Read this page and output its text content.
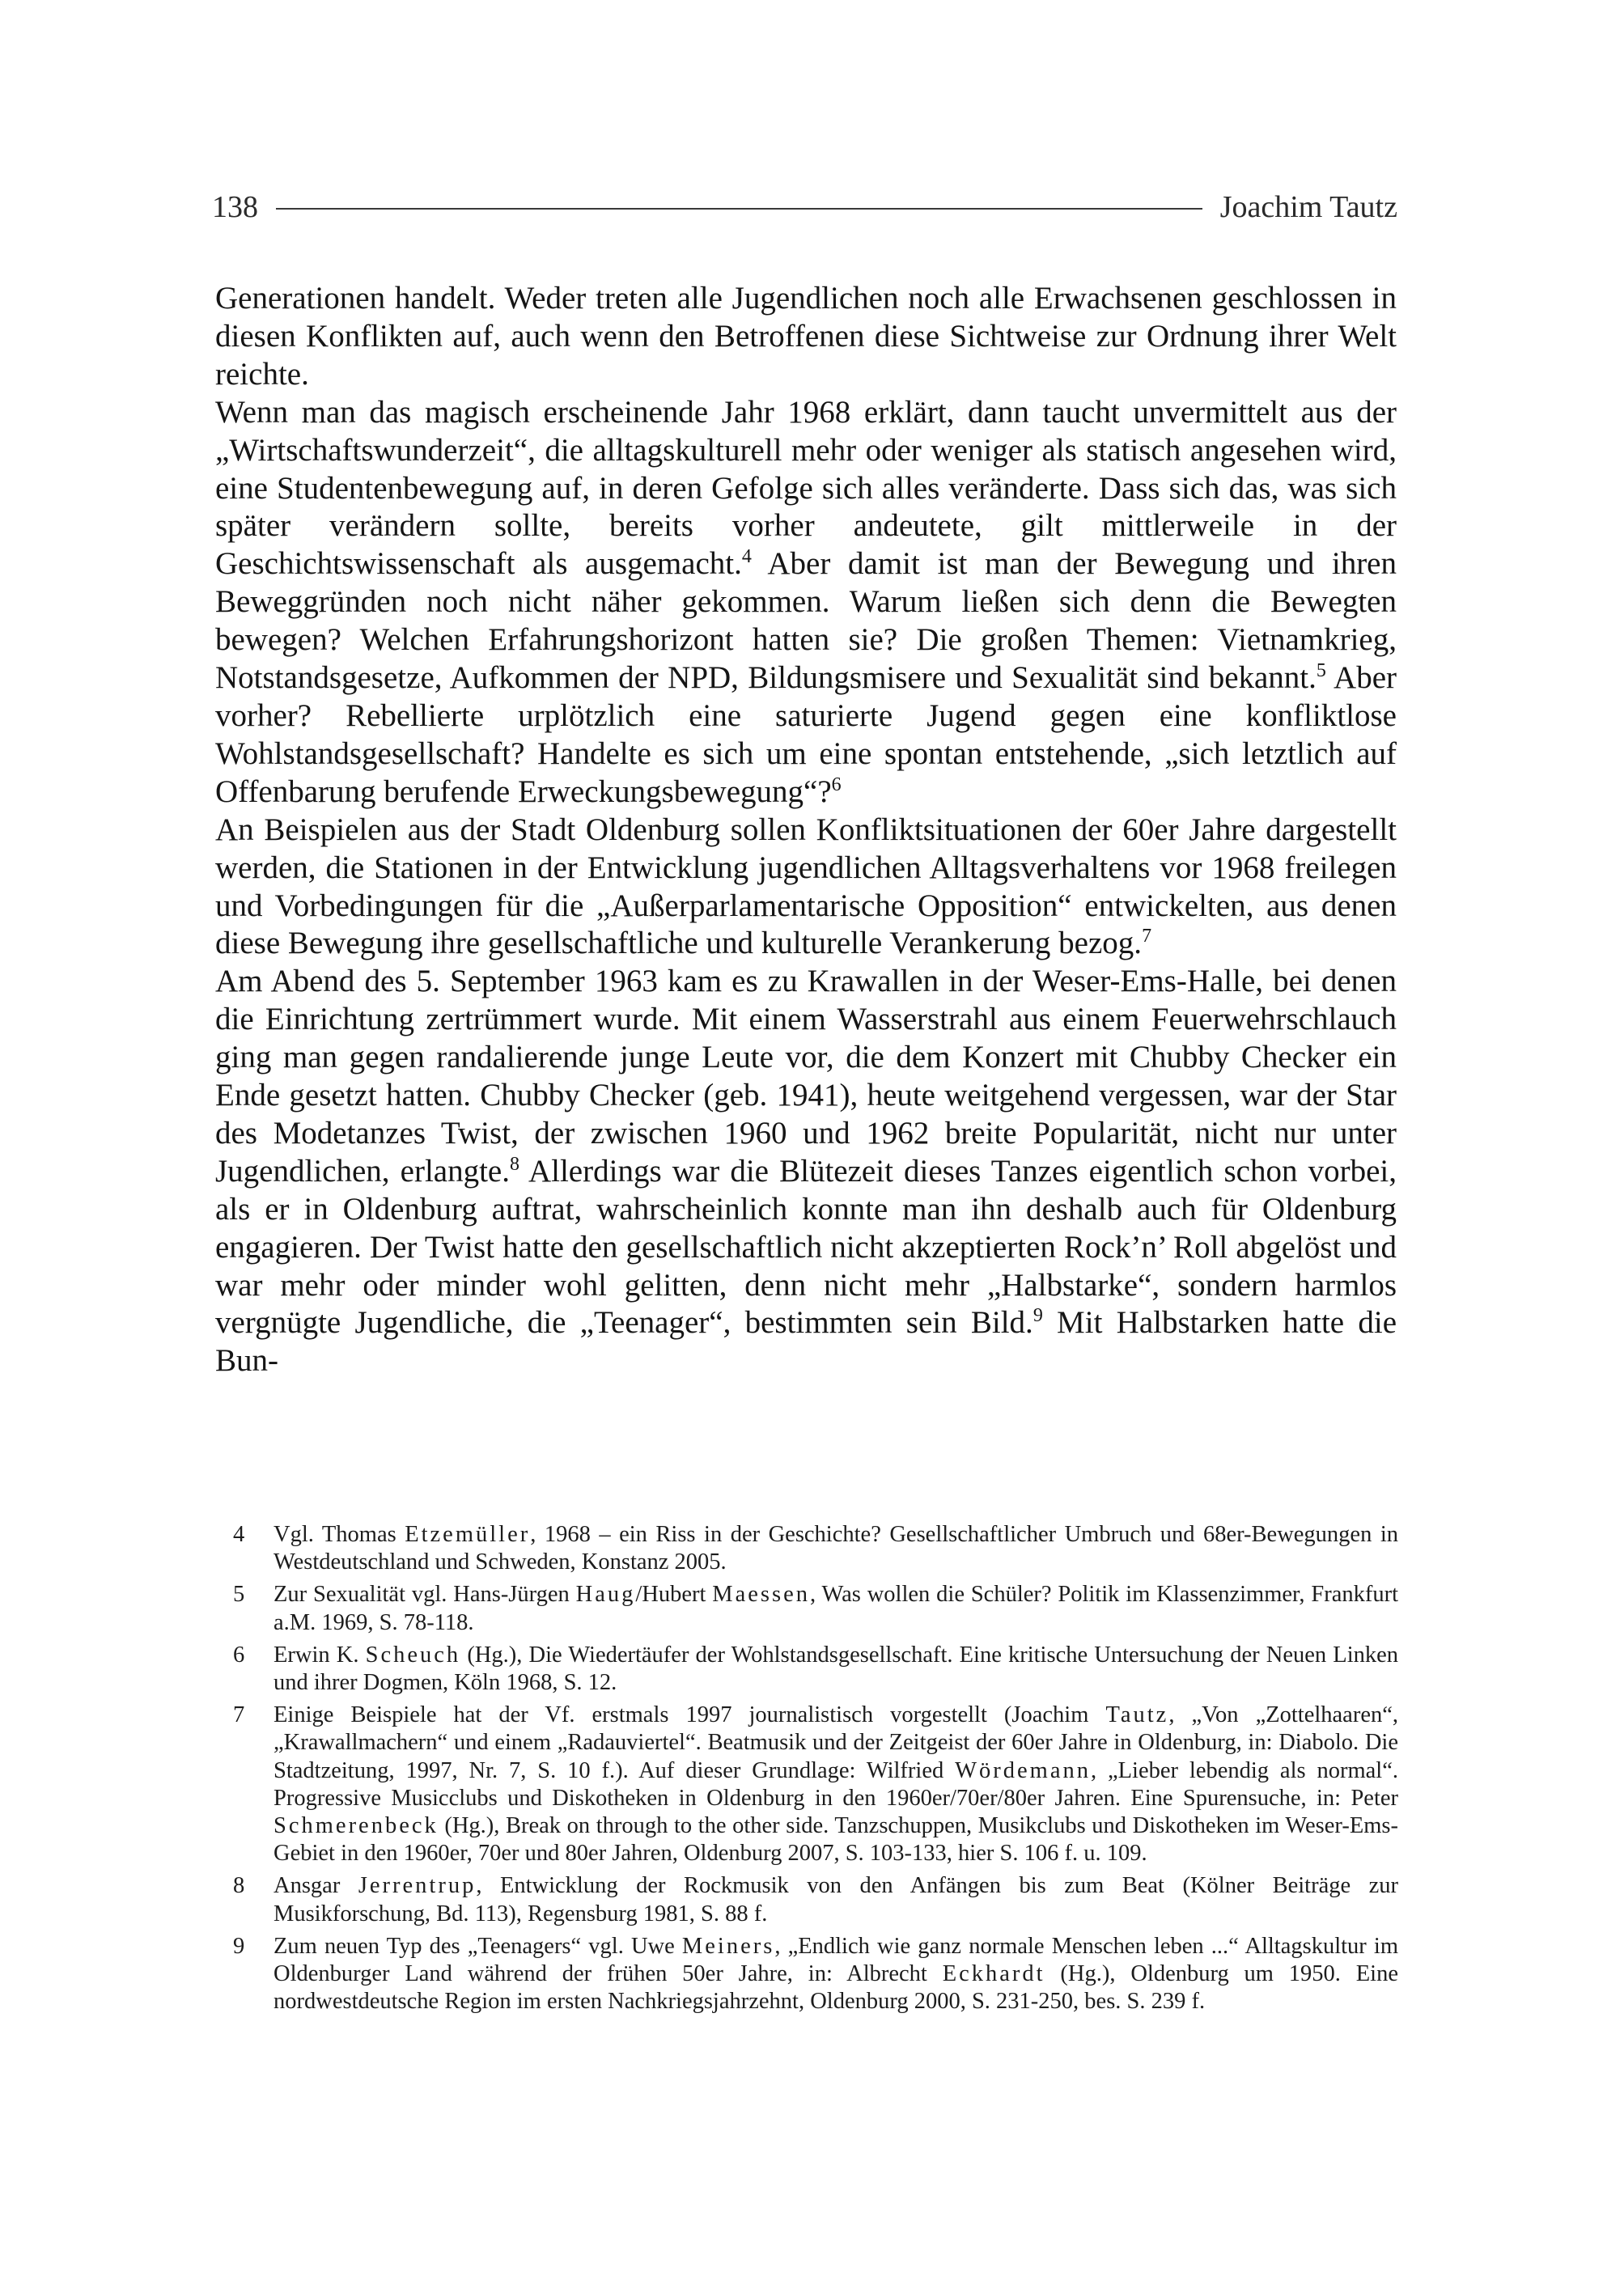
138	Joachim Tautz

Generationen handelt. Weder treten alle Jugendlichen noch alle Erwachsenen geschlossen in diesen Konflikten auf, auch wenn den Betroffenen diese Sichtweise zur Ordnung ihrer Welt reichte.

Wenn man das magisch erscheinende Jahr 1968 erklärt, dann taucht unvermittelt aus der „Wirtschaftswunderzeit“, die alltagskulturell mehr oder weniger als statisch angesehen wird, eine Studentenbewegung auf, in deren Gefolge sich alles veränderte. Dass sich das, was sich später verändern sollte, bereits vorher andeutete, gilt mittlerweile in der Geschichtswissenschaft als ausgemacht.$^4$ Aber damit ist man der Bewegung und ihren Beweggründen noch nicht näher gekommen. Warum ließen sich denn die Bewegten bewegen? Welchen Erfahrungshorizont hatten sie? Die großen Themen: Vietnamkrieg, Notstandsgesetze, Aufkommen der NPD, Bildungsmisere und Sexualität sind bekannt.$^5$ Aber vorher? Rebellierte urplötzlich eine saturierte Jugend gegen eine konfliktlose Wohlstandsgesellschaft? Handelte es sich um eine spontan entstehende, „sich letztlich auf Offenbarung berufende Erweckungsbewegung“?$^6$

An Beispielen aus der Stadt Oldenburg sollen Konfliktsituationen der 60er Jahre dargestellt werden, die Stationen in der Entwicklung jugendlichen Alltagsverhaltens vor 1968 freilegen und Vorbedingungen für die „Außerparlamentarische Opposition“ entwickelten, aus denen diese Bewegung ihre gesellschaftliche und kulturelle Verankerung bezog.$^7$

Am Abend des 5. September 1963 kam es zu Krawallen in der Weser-Ems-Halle, bei denen die Einrichtung zertrümmert wurde. Mit einem Wasserstrahl aus einem Feuerwehrschlauch ging man gegen randalierende junge Leute vor, die dem Konzert mit Chubby Checker ein Ende gesetzt hatten. Chubby Checker (geb. 1941), heute weitgehend vergessen, war der Star des Modetanzes Twist, der zwischen 1960 und 1962 breite Popularität, nicht nur unter Jugendlichen, erlangte.$^8$ Allerdings war die Blütezeit dieses Tanzes eigentlich schon vorbei, als er in Oldenburg auftrat, wahrscheinlich konnte man ihn deshalb auch für Oldenburg engagieren. Der Twist hatte den gesellschaftlich nicht akzeptierten Rock’n’ Roll abgelöst und war mehr oder minder wohl gelitten, denn nicht mehr „Halbstarke“, sondern harmlos vergnügte Jugendliche, die „Teenager“, bestimmten sein Bild.$^9$ Mit Halbstarken hatte die Bun-

4	Vgl. Thomas Etzemüller, 1968 – ein Riss in der Geschichte? Gesellschaftlicher Umbruch und 68er-Bewegungen in Westdeutschland und Schweden, Konstanz 2005.
5	Zur Sexualität vgl. Hans-Jürgen Haug/Hubert Maessen, Was wollen die Schüler? Politik im Klassenzimmer, Frankfurt a.M. 1969, S. 78-118.
6	Erwin K. Scheuch (Hg.), Die Wiedertäufer der Wohlstandsgesellschaft. Eine kritische Untersuchung der Neuen Linken und ihrer Dogmen, Köln 1968, S. 12.
7	Einige Beispiele hat der Vf. erstmals 1997 journalistisch vorgestellt (Joachim Tautz, „Von „Zottelhaaren“, „Krawallmachern“ und einem „Radauviertel“. Beatmusik und der Zeitgeist der 60er Jahre in Oldenburg, in: Diabolo. Die Stadtzeitung, 1997, Nr. 7, S. 10 f.). Auf dieser Grundlage: Wilfried Wördemann, „Lieber lebendig als normal“. Progressive Musicclubs und Diskotheken in Oldenburg in den 1960er/70er/80er Jahren. Eine Spurensuche, in: Peter Schmerenbeck (Hg.), Break on through to the other side. Tanzschuppen, Musikclubs und Diskotheken im Weser-Ems-Gebiet in den 1960er, 70er und 80er Jahren, Oldenburg 2007, S. 103-133, hier S. 106 f. u. 109.
8	Ansgar Jerrentrup, Entwicklung der Rockmusik von den Anfängen bis zum Beat (Kölner Beiträge zur Musikforschung, Bd. 113), Regensburg 1981, S. 88 f.
9	Zum neuen Typ des „Teenagers“ vgl. Uwe Meiners, „Endlich wie ganz normale Menschen leben ...“ Alltagskultur im Oldenburger Land während der frühen 50er Jahre, in: Albrecht Eckhardt (Hg.), Oldenburg um 1950. Eine nordwestdeutsche Region im ersten Nachkriegsjahrzehnt, Oldenburg 2000, S. 231-250, bes. S. 239 f.
